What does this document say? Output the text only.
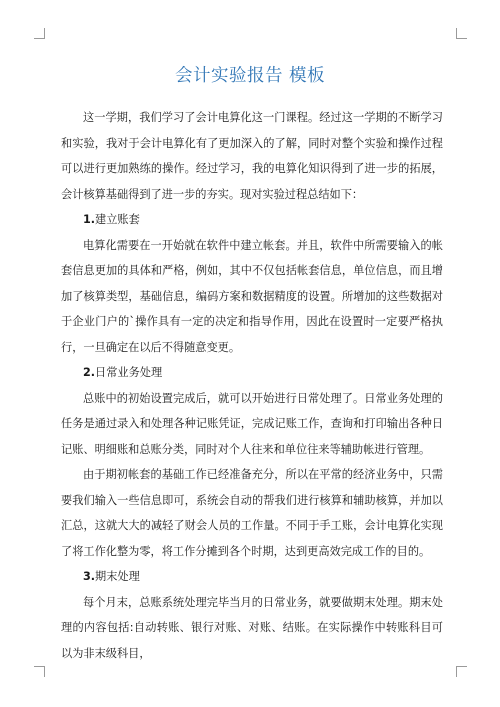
会计实验报告 模板

这一学期，我们学习了会计电算化这一门课程。经过这一学期的不断学习和实验，我对于会计电算化有了更加深入的了解，同时对整个实验和操作过程可以进行更加熟练的操作。经过学习，我的电算化知识得到了进一步的拓展，会计核算基础得到了进一步的夯实。现对实验过程总结如下：

1.建立账套

电算化需要在一开始就在软件中建立帐套。并且，软件中所需要输入的帐套信息更加的具体和严格，例如，其中不仅包括帐套信息，单位信息，而且增加了核算类型，基础信息，编码方案和数据精度的设置。所增加的这些数据对于企业门户的`操作具有一定的决定和指导作用，因此在设置时一定要严格执行，一旦确定在以后不得随意变更。

2.日常业务处理

总账中的初始设置完成后，就可以开始进行日常处理了。日常业务处理的任务是通过录入和处理各种记账凭证，完成记账工作，查询和打印输出各种日记账、明细账和总账分类，同时对个人往来和单位往来等辅助帐进行管理。

由于期初帐套的基础工作已经准备充分，所以在平常的经济业务中，只需要我们输入一些信息即可，系统会自动的帮我们进行核算和辅助核算，并加以汇总，这就大大的减轻了财会人员的工作量。不同于手工账，会计电算化实现了将工作化整为零，将工作分摊到各个时期，达到更高效完成工作的目的。

3.期末处理

每个月末，总账系统处理完毕当月的日常业务，就要做期末处理。期末处理的内容包括:自动转账、银行对账、对账、结账。在实际操作中转账科目可以为非末级科目，
